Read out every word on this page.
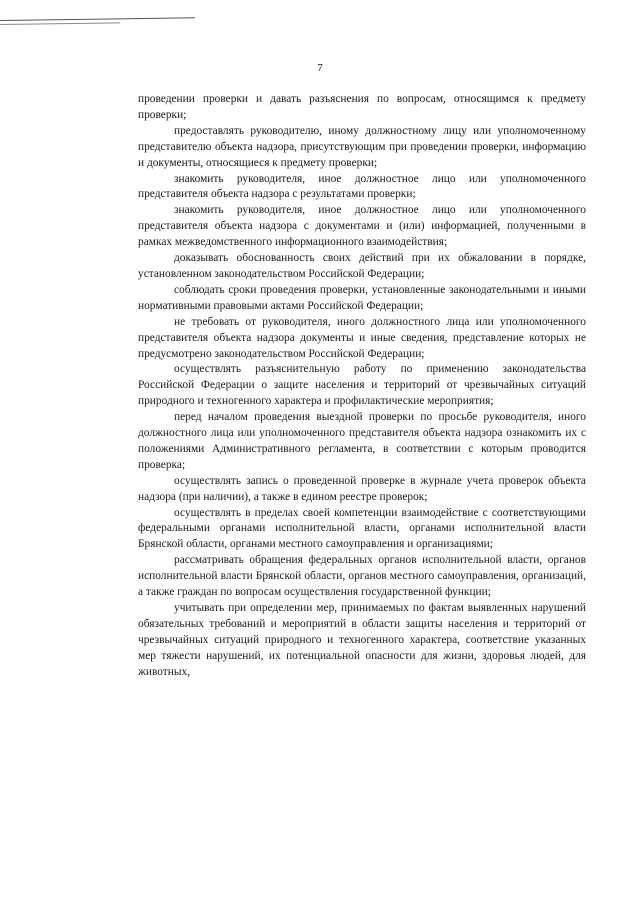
7

проведении проверки и давать разъяснения по вопросам, относящимся к предмету проверки;

предоставлять руководителю, иному должностному лицу или уполномоченному представителю объекта надзора, присутствующим при проведении проверки, информацию и документы, относящиеся к предмету проверки;

знакомить руководителя, иное должностное лицо или уполномоченного представителя объекта надзора с результатами проверки;

знакомить руководителя, иное должностное лицо или уполномоченного представителя объекта надзора с документами и (или) информацией, полученными в рамках межведомственного информационного взаимодействия;

доказывать обоснованность своих действий при их обжаловании в порядке, установленном законодательством Российской Федерации;

соблюдать сроки проведения проверки, установленные законодательными и иными нормативными правовыми актами Российской Федерации;

не требовать от руководителя, иного должностного лица или уполномоченного представителя объекта надзора документы и иные сведения, представление которых не предусмотрено законодательством Российской Федерации;

осуществлять разъяснительную работу по применению законодательства Российской Федерации о защите населения и территорий от чрезвычайных ситуаций природного и техногенного характера и профилактические мероприятия;

перед началом проведения выездной проверки по просьбе руководителя, иного должностного лица или уполномоченного представителя объекта надзора ознакомить их с положениями Административного регламента, в соответствии с которым проводится проверка;

осуществлять запись о проведенной проверке в журнале учета проверок объекта надзора (при наличии), а также в едином реестре проверок;

осуществлять в пределах своей компетенции взаимодействие с соответствующими федеральными органами исполнительной власти, органами исполнительной власти Брянской области, органами местного самоуправления и организациями;

рассматривать обращения федеральных органов исполнительной власти, органов исполнительной власти Брянской области, органов местного самоуправления, организаций, а также граждан по вопросам осуществления государственной функции;

учитывать при определении мер, принимаемых по фактам выявленных нарушений обязательных требований и мероприятий в области защиты населения и территорий от чрезвычайных ситуаций природного и техногенного характера, соответствие указанных мер тяжести нарушений, их потенциальной опасности для жизни, здоровья людей, для животных,
